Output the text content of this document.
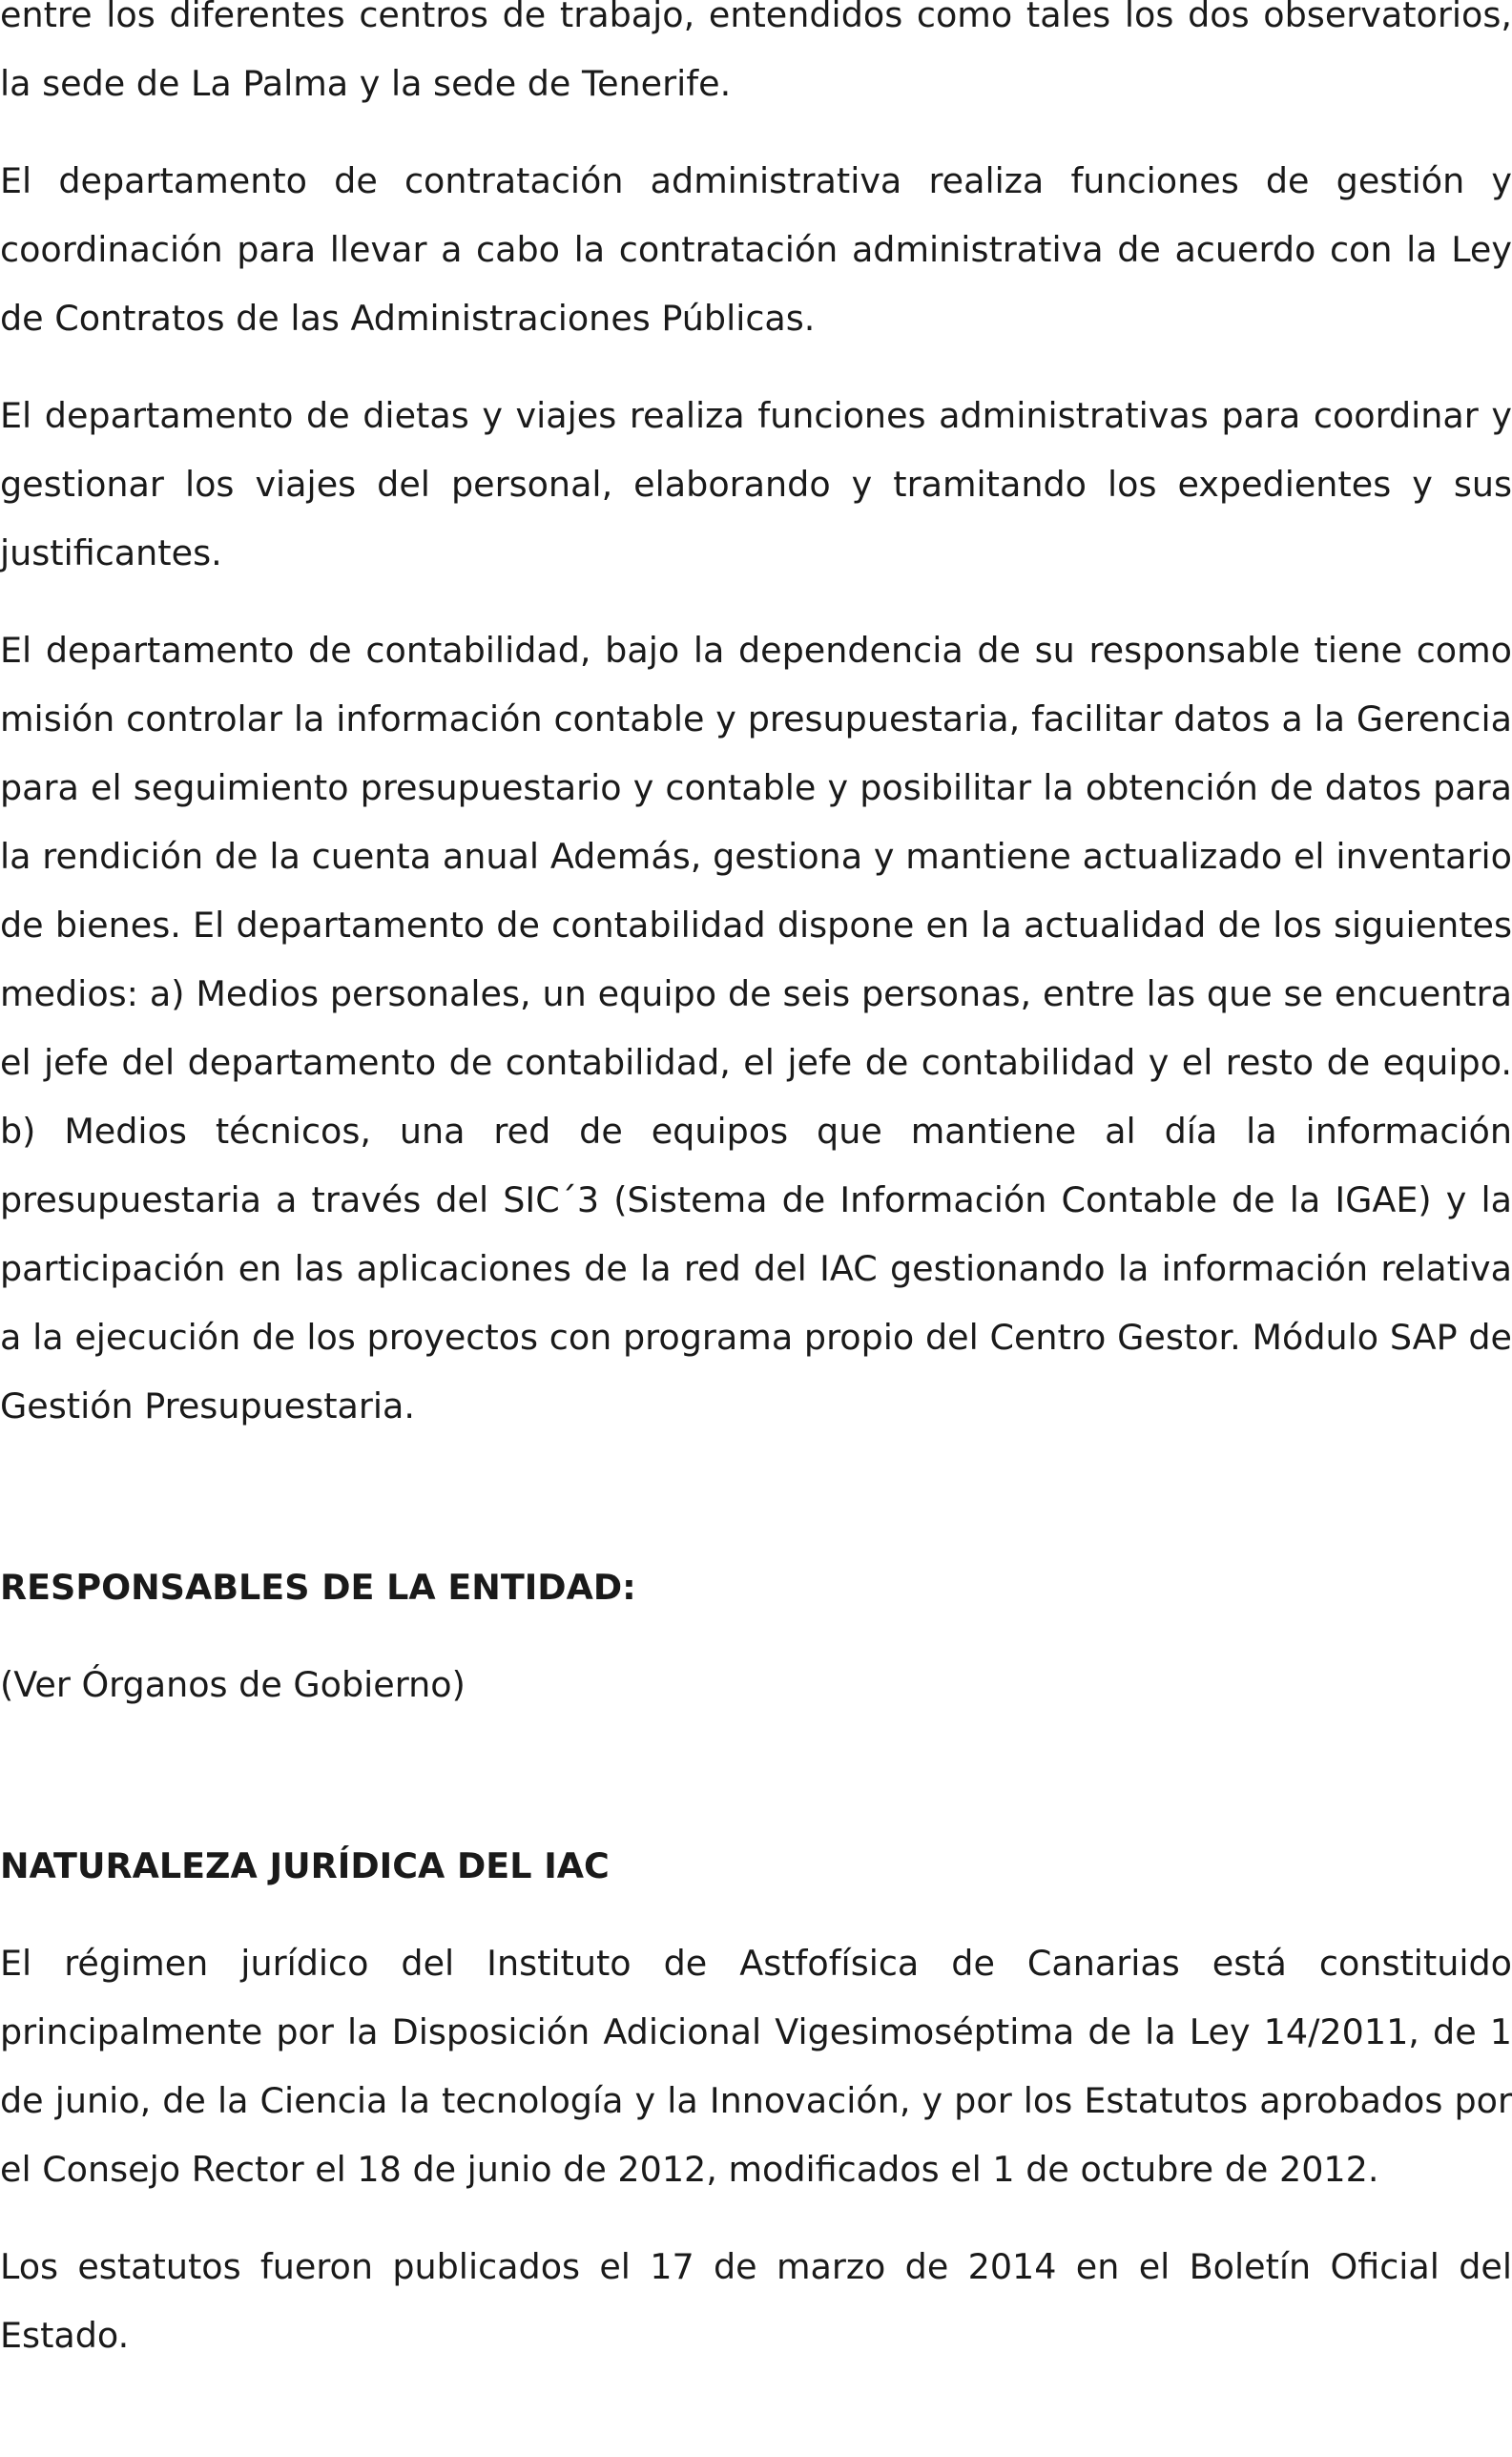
entre los diferentes centros de trabajo, entendidos como tales los dos observatorios, la sede de La Palma y la sede de Tenerife.

El departamento de contratación administrativa realiza funciones de gestión y coordinación para llevar a cabo la contratación administrativa de acuerdo con la Ley de Contratos de las Administraciones Públicas.

El departamento de dietas y viajes realiza funciones administrativas para coordinar y gestionar los viajes del personal, elaborando y tramitando los expedientes y sus justificantes.

El departamento de contabilidad, bajo la dependencia de su responsable tiene como misión controlar la información contable y presupuestaria, facilitar datos a la Gerencia para el seguimiento presupuestario y contable y posibilitar la obtención de datos para la rendición de la cuenta anual Además, gestiona y mantiene actualizado el inventario de bienes. El departamento de contabilidad dispone en la actualidad de los siguientes medios: a) Medios personales, un equipo de seis personas, entre las que se encuentra el jefe del departamento de contabilidad, el jefe de contabilidad y el resto de equipo. b) Medios técnicos, una red de equipos que mantiene al día la información presupuestaria a través del SIC´3 (Sistema de Información Contable de la IGAE) y la participación en las aplicaciones de la red del IAC gestionando la información relativa a la ejecución de los proyectos con programa propio del Centro Gestor. Módulo SAP de Gestión Presupuestaria.

RESPONSABLES DE LA ENTIDAD:

(Ver Órganos de Gobierno)

NATURALEZA JURÍDICA DEL IAC

El régimen jurídico del Instituto de Astfofísica de Canarias está constituido principalmente por la Disposición Adicional Vigesimoséptima de la Ley 14/2011, de 1 de junio, de la Ciencia la tecnología y la Innovación, y por los Estatutos aprobados por el Consejo Rector el 18 de junio de 2012, modificados el 1 de octubre de 2012.

Los estatutos fueron publicados el 17 de marzo de 2014 en el Boletín Oficial del Estado.
